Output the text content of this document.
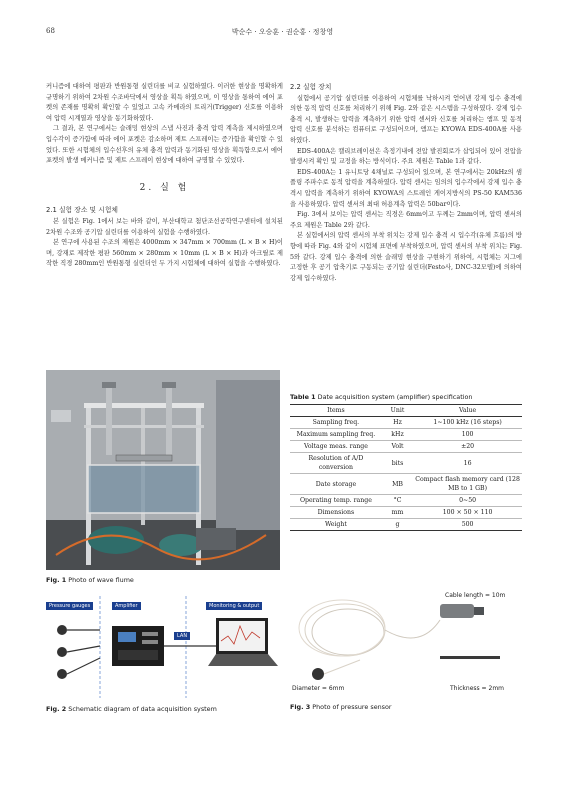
68	박순수 · 오승훈 · 권순홍 · 정창영

커니즘에 대하여 평판과 반원통형 실린더를 비교 실험하였다. 이러한 현상을 명확하게 규명하기 위하여 2차원 수조바닥에서 영상을 획득 하였으며, 이 영상을 통하여 에어 포켓의 존재를 명확히 확인할 수 있었고 고속 카메라의 트리거(Trigger) 신호를 이용하여 압력 시계열과 영상을 동기화하였다.

그 결과, 본 연구에서는 슬래밍 현상의 스냅 사진과 충격 압력 계측을 제시하였으며 입수각이 증가함에 따라 에어 포켓은 감소하며 제트 스프레이는 증가함을 확인할 수 있었다. 또한 시험체의 입수선후의 유체 충격 압력과 동기화된 영상을 획득함으로서 에어 포켓의 발생 메커니즘 및 제트 스프레이 현상에 대하여 규명할 수 있었다.

2. 실 험
2.1 실험 장소 및 시험체

본 실험은 Fig. 1에서 보는 바와 같이, 부산대학교 첨단조선공학연구센터에 설치된 2차원 수조와 공기압 실린더를 이용하여 실험을 수행하였다.

본 연구에 사용된 수조의 제원은 4000mm × 347mm × 700mm (L × B × H)이며, 강재로 제작한 평판 560mm × 280mm × 10mm (L × B × H)과 아크릴로 제작한 직경 280mm인 반원통형 실린더인 두 가지 시험체에 대하여 실험을 수행하였다.

2.2 실험 장치

실험에서 공기압 실린더를 이용하여 시험체를 낙하시켜 얻어낸 강제 입수 충격에 의한 동적 압력 신호를 처리하기 위해 Fig. 2와 같은 시스템을 구성하였다. 강제 입수 충격 시, 발생하는 압력을 계측하기 위한 압력 센서와 신호를 처리하는 앰프 및 동적 압력 신호를 분석하는 컴퓨터로 구성되어으며, 앰프는 KYOWA EDS-400A를 사용하였다.

EDS-400A은 캘리브레이션은 측정기내에 전압 발진회로가 삽입되어 있어 전압을 발생시켜 확인 및 교정을 하는 방식이다. 주요 제원은 Table 1과 같다.

EDS-400A는 1 유니트당 4채널로 구성되어 있으며, 본 연구에서는 20kHz의 샘플링 주파수로 동적 압력을 계측하였다. 압력 센서는 임의의 입수각에서 강제 입수 충격시 압력을 계측하기 위하여 KYOWA의 스트레인 게이지방식의 PS-50 KAM536을 사용하였다. 압력 센서의 최대 허용계측 압력은 50bar이다.

Fig. 3에서 보이는 압력 센서는 직경은 6mm이고 두께는 2mm이며, 압력 센서의 주요 제원은 Table 2와 같다.

본 실험에서의 압력 센서의 부착 위치는 강제 입수 충격 시 입수각(유체 흐름)의 방향에 따라 Fig. 4와 같이 시험체 표면에 부착하였으며, 압력 센서의 부착 위치는 Fig. 5와 같다. 강제 입수 충격에 의한 슬래밍 현상을 구현하기 위하여, 시험체는 지그에 고정한 후 공기 압축기로 구동되는 공기압 실린더(Festo사, DNC-32모델)에 의하여 강제 입수하였다.

Fig. 1 Photo of wave flume
Table 1 Date acquisition system (amplifier) specification
Items	Unit	Value
Sampling freq.	Hz	1~100 kHz (16 steps)
Maximum sampling freq.	kHz	100
Voltage meas. range	Volt	±20
Resolution of A/D conversion	bits	16
Date storage	MB	Compact flash memory card (128 MB to 1 GB)
Operating temp. range	°C	0~50
Dimensions	mm	100 × 50 × 110
Weight	g	500
Pressure gauges	Amplifier	Monitoring & output
LAN
Fig. 2 Schematic diagram of data acquisition system
Cable length = 10m
Diameter = 6mm	Thickness = 2mm
Fig. 3 Photo of pressure sensor
